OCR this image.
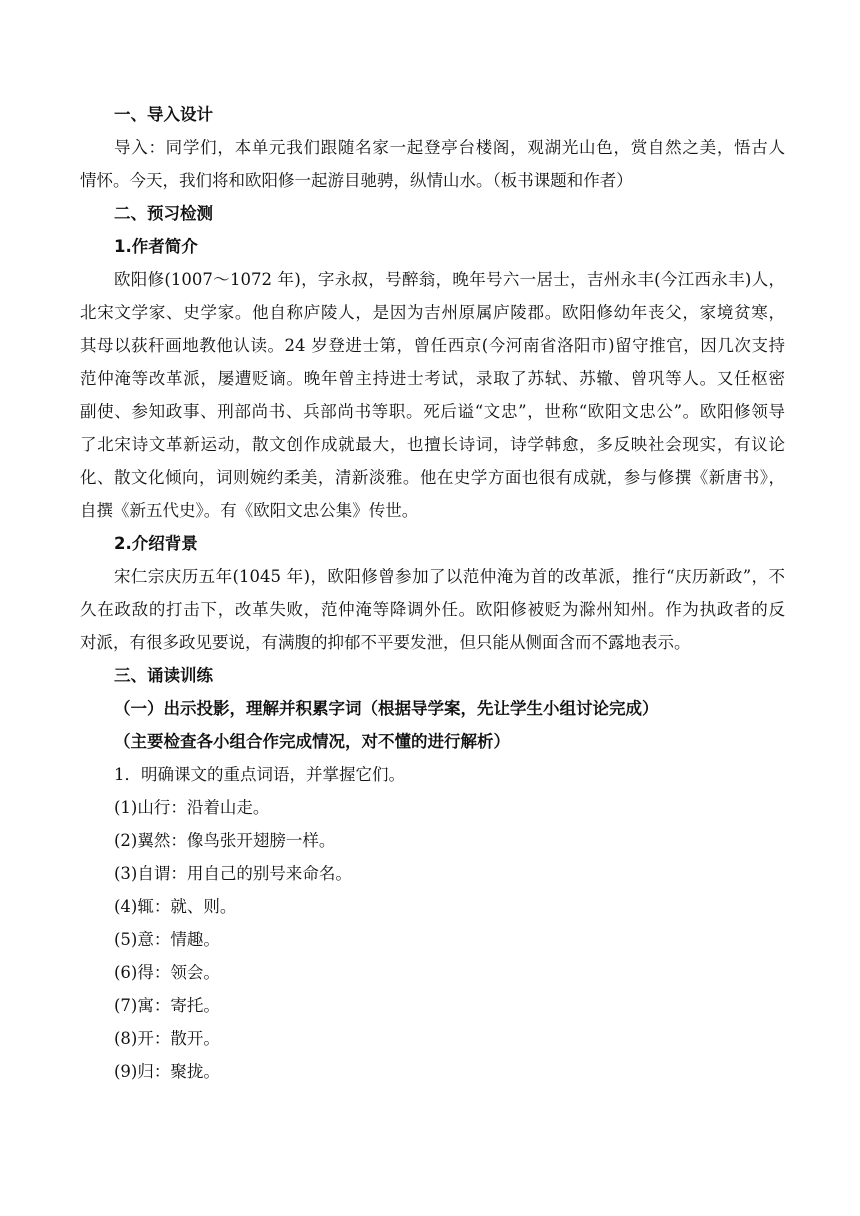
一、导入设计
导入：同学们，本单元我们跟随名家一起登亭台楼阁，观湖光山色，赏自然之美，悟古人
情怀。今天，我们将和欧阳修一起游目驰骋，纵情山水。（板书课题和作者）
二、预习检测
1.作者简介
欧阳修(1007～1072 年)，字永叔，号醉翁，晚年号六一居士，吉州永丰(今江西永丰)人，
北宋文学家、史学家。他自称庐陵人，是因为吉州原属庐陵郡。欧阳修幼年丧父，家境贫寒，
其母以荻秆画地教他认读。24 岁登进士第，曾任西京(今河南省洛阳市)留守推官，因几次支持
范仲淹等改革派，屡遭贬谪。晚年曾主持进士考试，录取了苏轼、苏辙、曾巩等人。又任枢密
副使、参知政事、刑部尚书、兵部尚书等职。死后谥“文忠”，世称“欧阳文忠公”。欧阳修领导
了北宋诗文革新运动，散文创作成就最大，也擅长诗词，诗学韩愈，多反映社会现实，有议论
化、散文化倾向，词则婉约柔美，清新淡雅。他在史学方面也很有成就，参与修撰《新唐书》，
自撰《新五代史》。有《欧阳文忠公集》传世。
2.介绍背景
宋仁宗庆历五年(1045 年)，欧阳修曾参加了以范仲淹为首的改革派，推行“庆历新政”，不
久在政敌的打击下，改革失败，范仲淹等降调外任。欧阳修被贬为滁州知州。作为执政者的反
对派，有很多政见要说，有满腹的抑郁不平要发泄，但只能从侧面含而不露地表示。
三、诵读训练
（一）出示投影，理解并积累字词（根据导学案，先让学生小组讨论完成）
（主要检查各小组合作完成情况，对不懂的进行解析）
1．明确课文的重点词语，并掌握它们。
(1)山行：沿着山走。
(2)翼然：像鸟张开翅膀一样。
(3)自谓：用自己的别号来命名。
(4)辄：就、则。
(5)意：情趣。
(6)得：领会。
(7)寓：寄托。
(8)开：散开。
(9)归：聚拢。
